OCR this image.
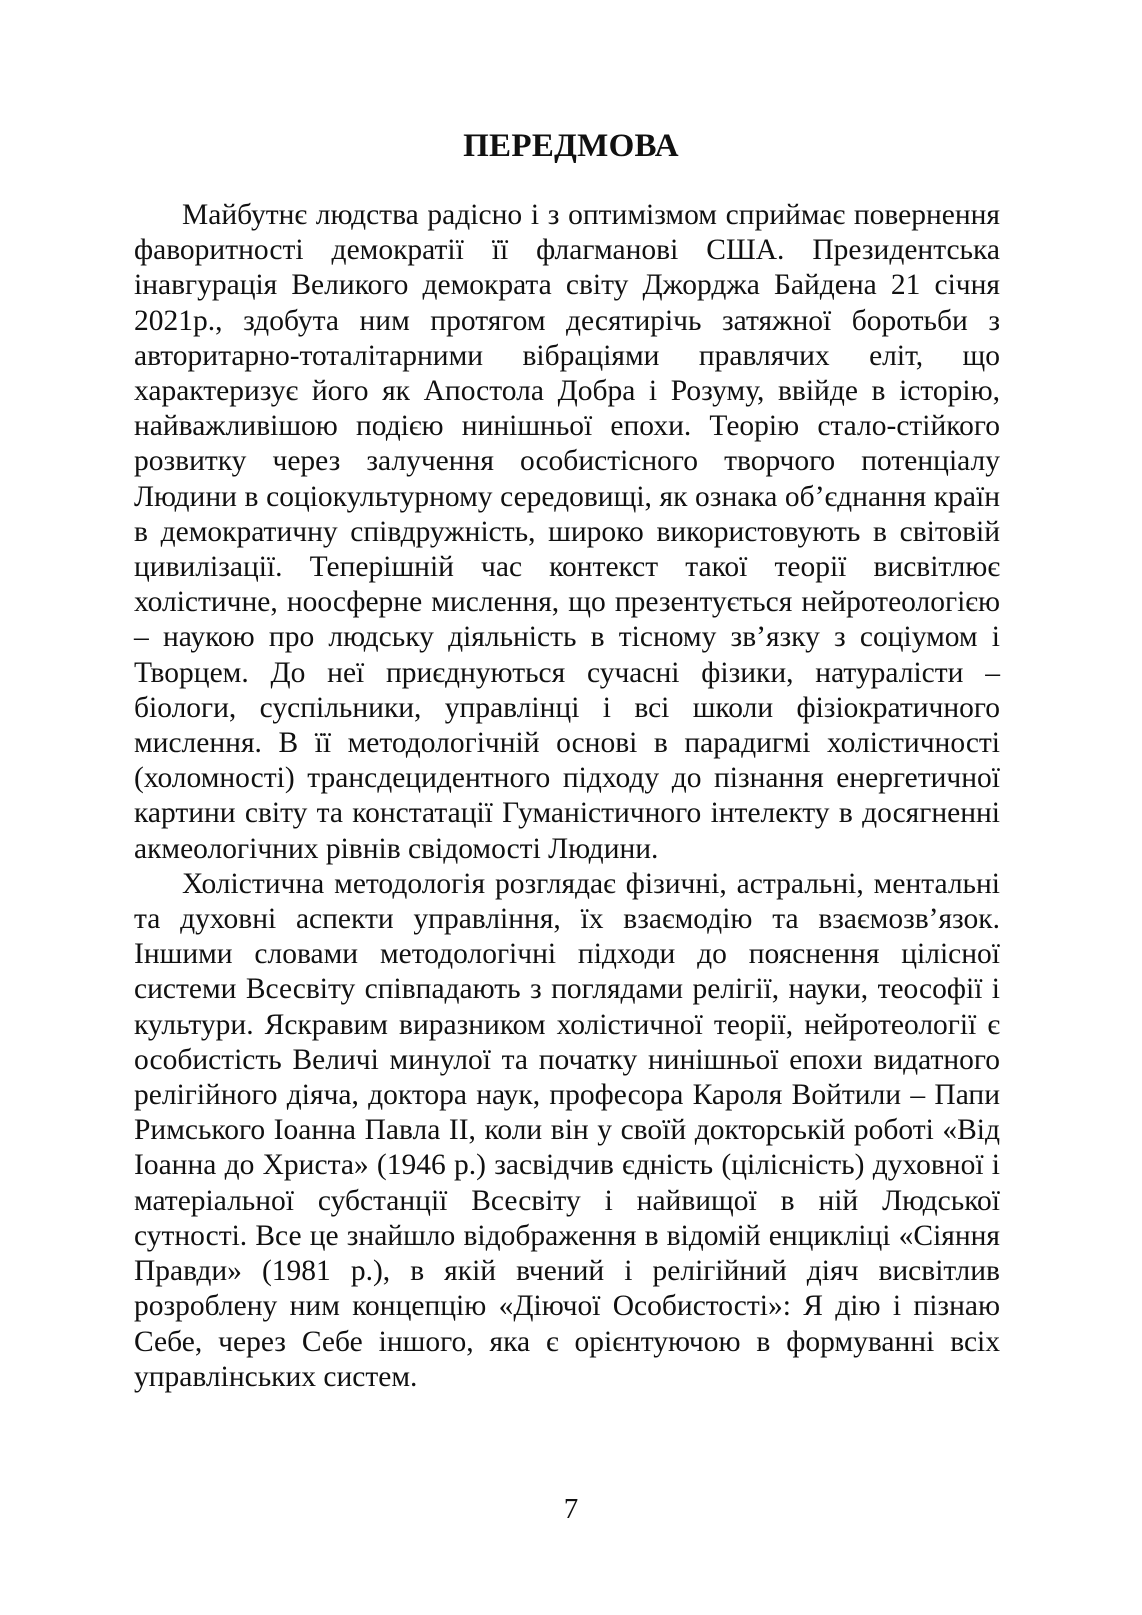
ПЕРЕДМОВА

Майбутнє людства радісно і з оптимізмом сприймає повернення фаворитності демократії її флагманові США. Президентська інавгурація Великого демократа світу Джорджа Байдена 21 січня 2021р., здобута ним протягом десятирічь затяжної боротьби з авторитарно-тоталітарними вібраціями правлячих еліт, що характеризує його як Апостола Добра і Розуму, ввійде в історію, найважливішою подією нинішньої епохи. Теорію стало-стійкого розвитку через залучення особистісного творчого потенціалу Людини в соціокультурному середовищі, як ознака об’єднання країн в демократичну співдружність, широко використовують в світовій цивилізації. Теперішній час контекст такої теорії висвітлює холістичне, ноосферне мислення, що презентується нейротеологією – наукою про людську діяльність в тісному зв’язку з соціумом і Творцем. До неї приєднуються сучасні фізики, натуралісти – біологи, суспільники, управлінці і всі школи фізіократичного мислення. В її методологічній основі в парадигмі холістичності (холомності) трансдецидентного підходу до пізнання енергетичної картини світу та констатації Гуманістичного інтелекту в досягненні акмеологічних рівнів свідомості Людини.

Холістична методологія розглядає фізичні, астральні, ментальні та духовні аспекти управління, їх взаємодію та взаємозв’язок. Іншими словами методологічні підходи до пояснення цілісної системи Всесвіту співпадають з поглядами релігії, науки, теософії і культури. Яскравим виразником холістичної теорії, нейротеології є особистість Величі минулої та початку нинішньої епохи видатного релігійного діяча, доктора наук, професора Кароля Войтили – Папи Римського Іоанна Павла ІІ, коли він у своїй докторській роботі «Від Іоанна до Христа» (1946 р.) засвідчив єдність (цілісність) духовної і матеріальної субстанції Всесвіту і найвищої в ній Людської сутності. Все це знайшло відображення в відомій енцикліці «Сіяння Правди» (1981 р.), в якій вчений і релігійний діяч висвітлив розроблену ним концепцію «Діючої Особистості»: Я дію і пізнаю Себе, через Себе іншого, яка є орієнтуючою в формуванні всіх управлінських систем.

7
